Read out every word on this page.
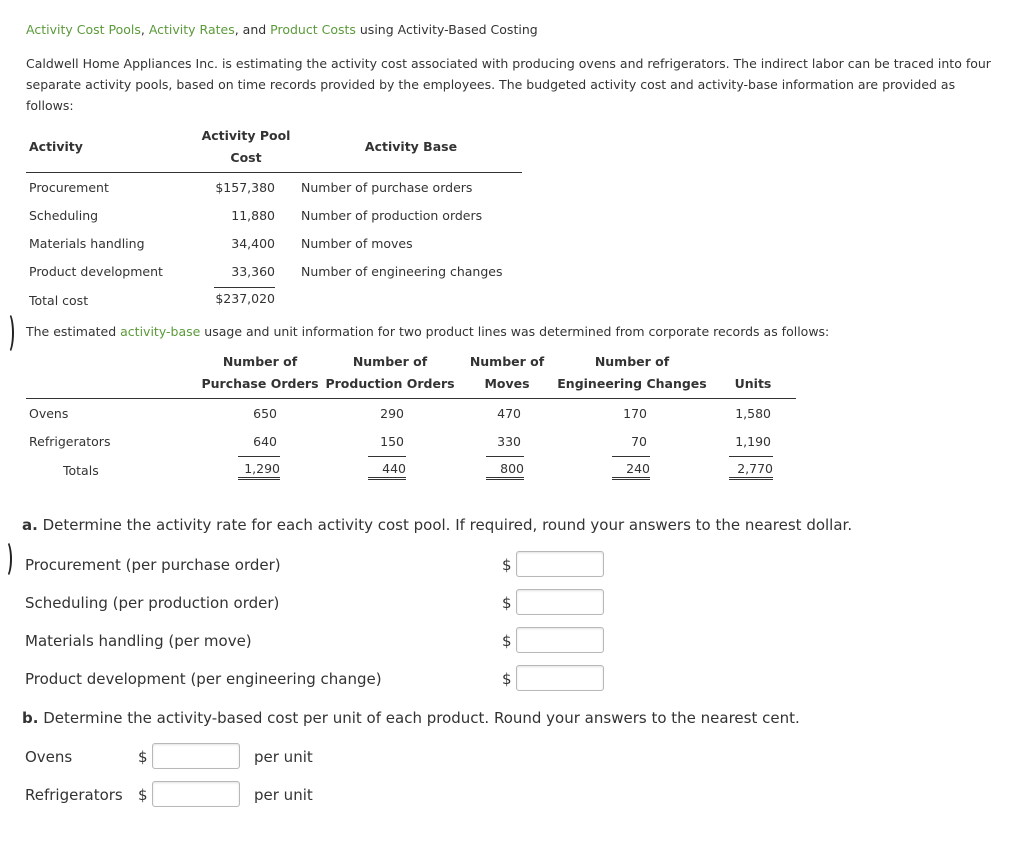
Activity Cost Pools, Activity Rates, and Product Costs using Activity-Based Costing
Caldwell Home Appliances Inc. is estimating the activity cost associated with producing ovens and refrigerators. The indirect labor can be traced into four
separate activity pools, based on time records provided by the employees. The budgeted activity cost and activity-base information are provided as
follows:
Activity
Activity Pool
Cost
Activity Base
Procurement	$157,380 Number of purchase orders
Scheduling	11,880 Number of production orders
Materials handling	34,400 Number of moves
Product development	33,360 Number of engineering changes
Total cost	$237,020
The estimated activity-base usage and unit information for two product lines was determined from corporate records as follows:
Number of
Purchase Orders
Number of
Production Orders
Number of
Moves
Number of
Engineering Changes	Units
Ovens	650	290	470	170	1,580
Refrigerators	640	150	330	70	1,190
Totals	1,290	440	800	240	2,770
a. Determine the activity rate for each activity cost pool. If required, round your answers to the nearest dollar.
Procurement (per purchase order)	$
Scheduling (per production order)	$
Materials handling (per move)	$
Product development (per engineering change)	$
b. Determine the activity-based cost per unit of each product. Round your answers to the nearest cent.
Ovens	$	per unit
Refrigerators $	per unit
